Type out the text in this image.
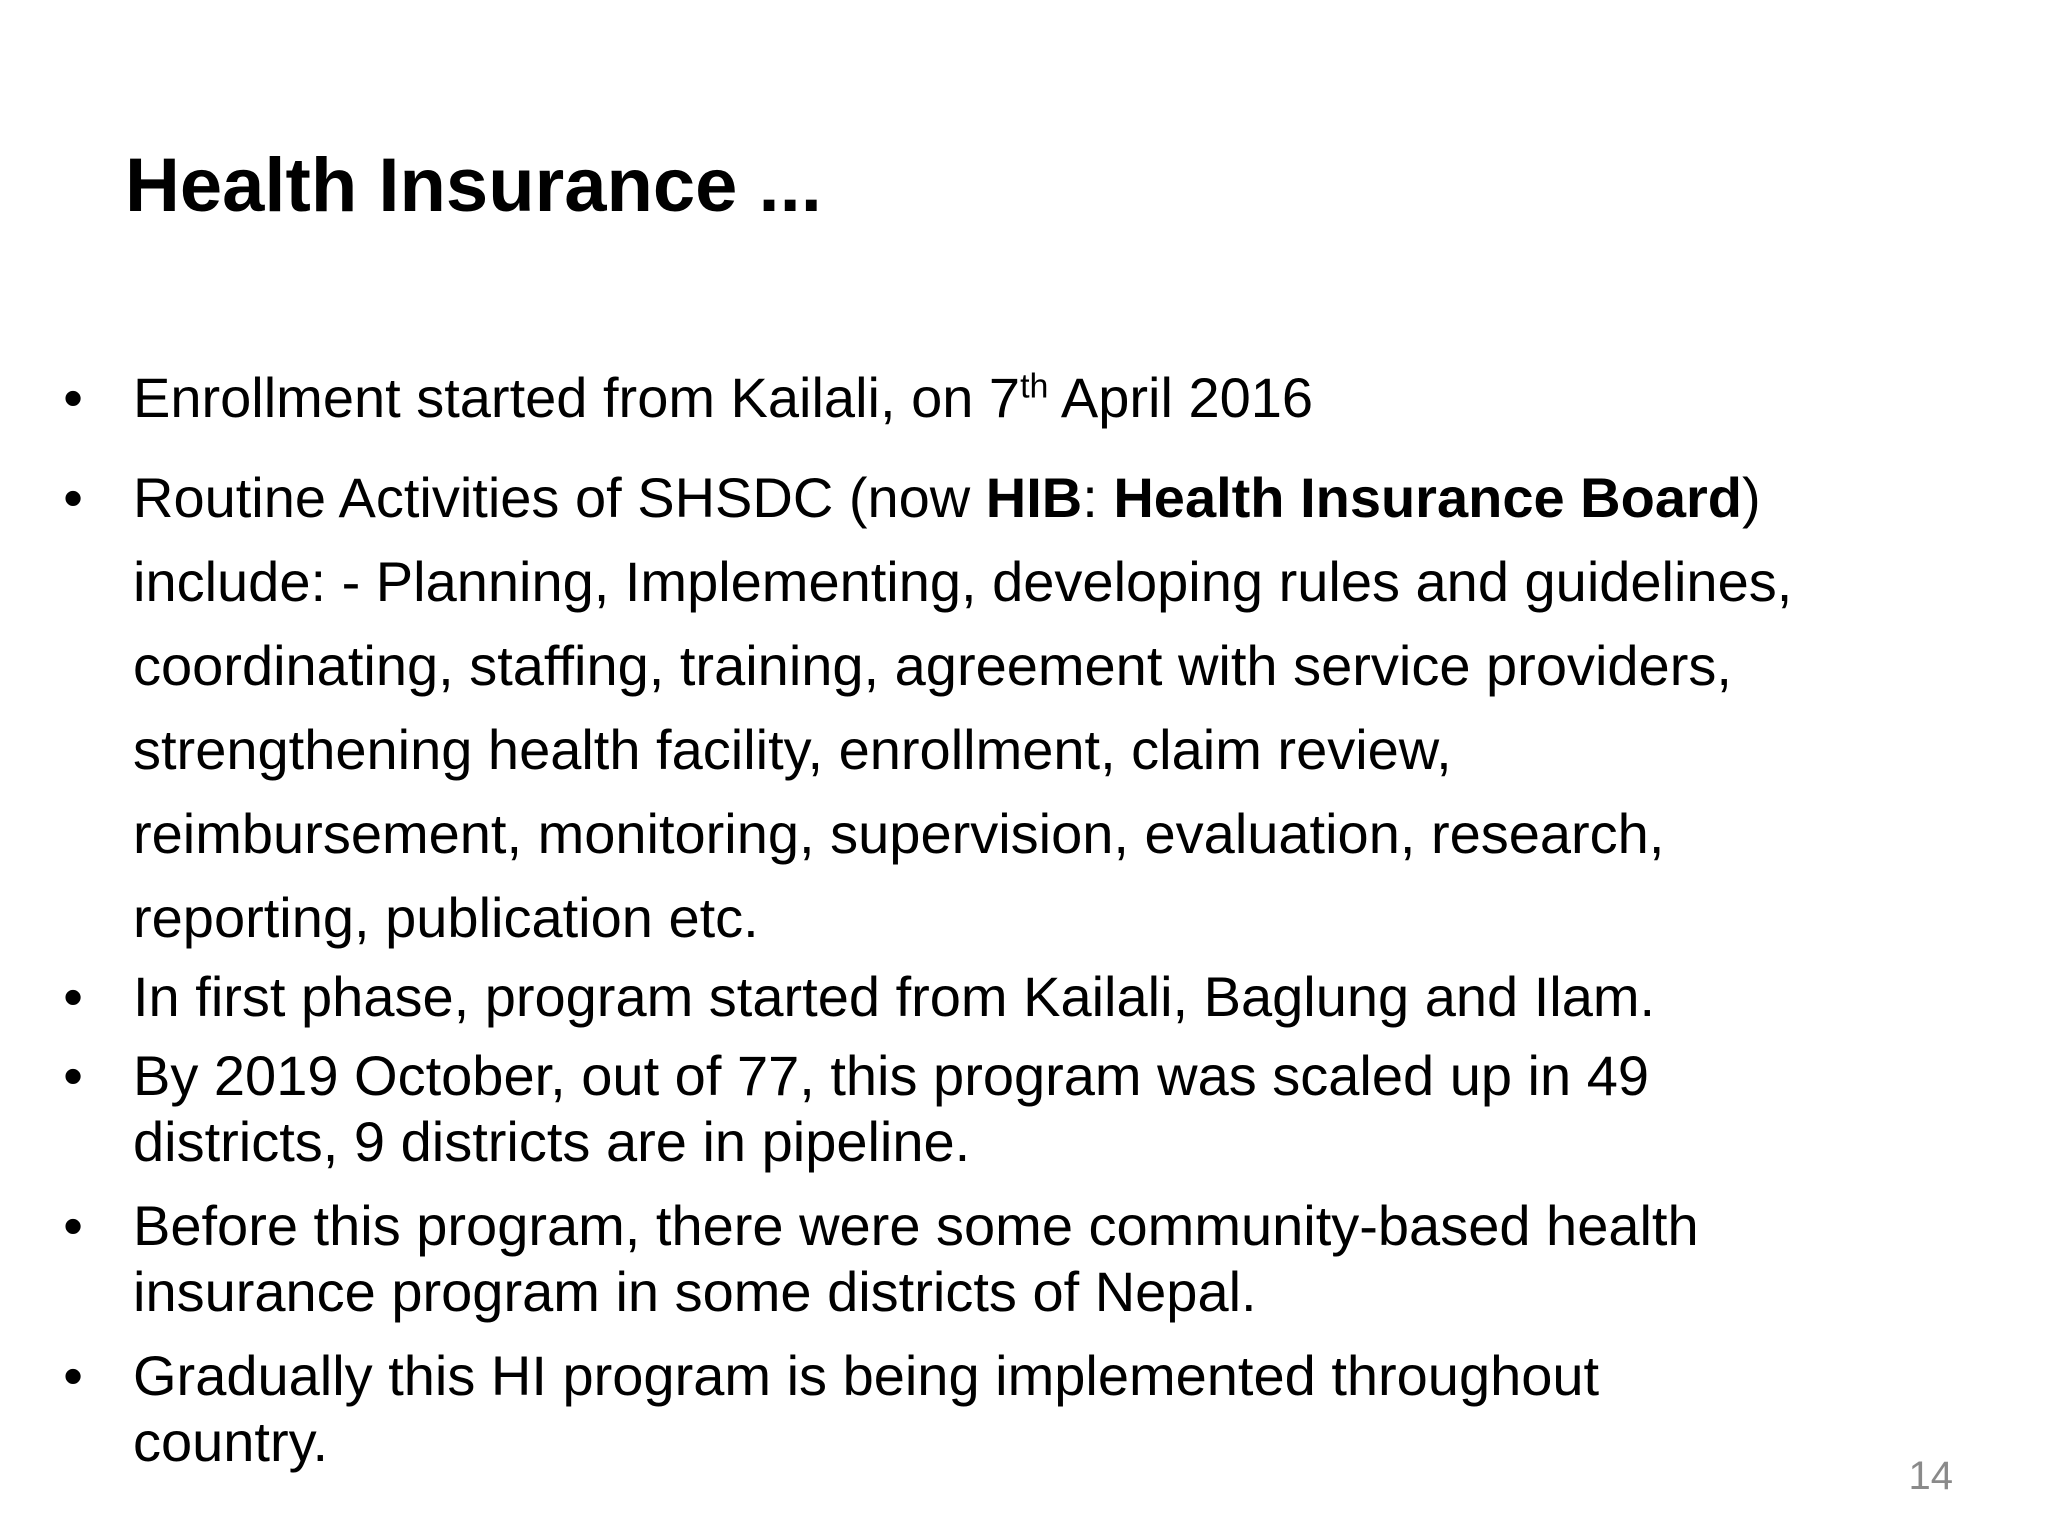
Health Insurance ...
• Enrollment started from Kailali, on 7th April 2016
• Routine Activities of SHSDC (now HIB: Health Insurance Board)
include: - Planning, Implementing, developing rules and guidelines,
coordinating, staffing, training, agreement with service providers,
strengthening health facility, enrollment, claim review,
reimbursement, monitoring, supervision, evaluation, research,
reporting, publication etc.
• In first phase, program started from Kailali, Baglung and Ilam.
• By 2019 October, out of 77, this program was scaled up in 49
districts, 9 districts are in pipeline.
• Before this program, there were some community-based health
insurance program in some districts of Nepal.
• Gradually this HI program is being implemented throughout
country.
14
